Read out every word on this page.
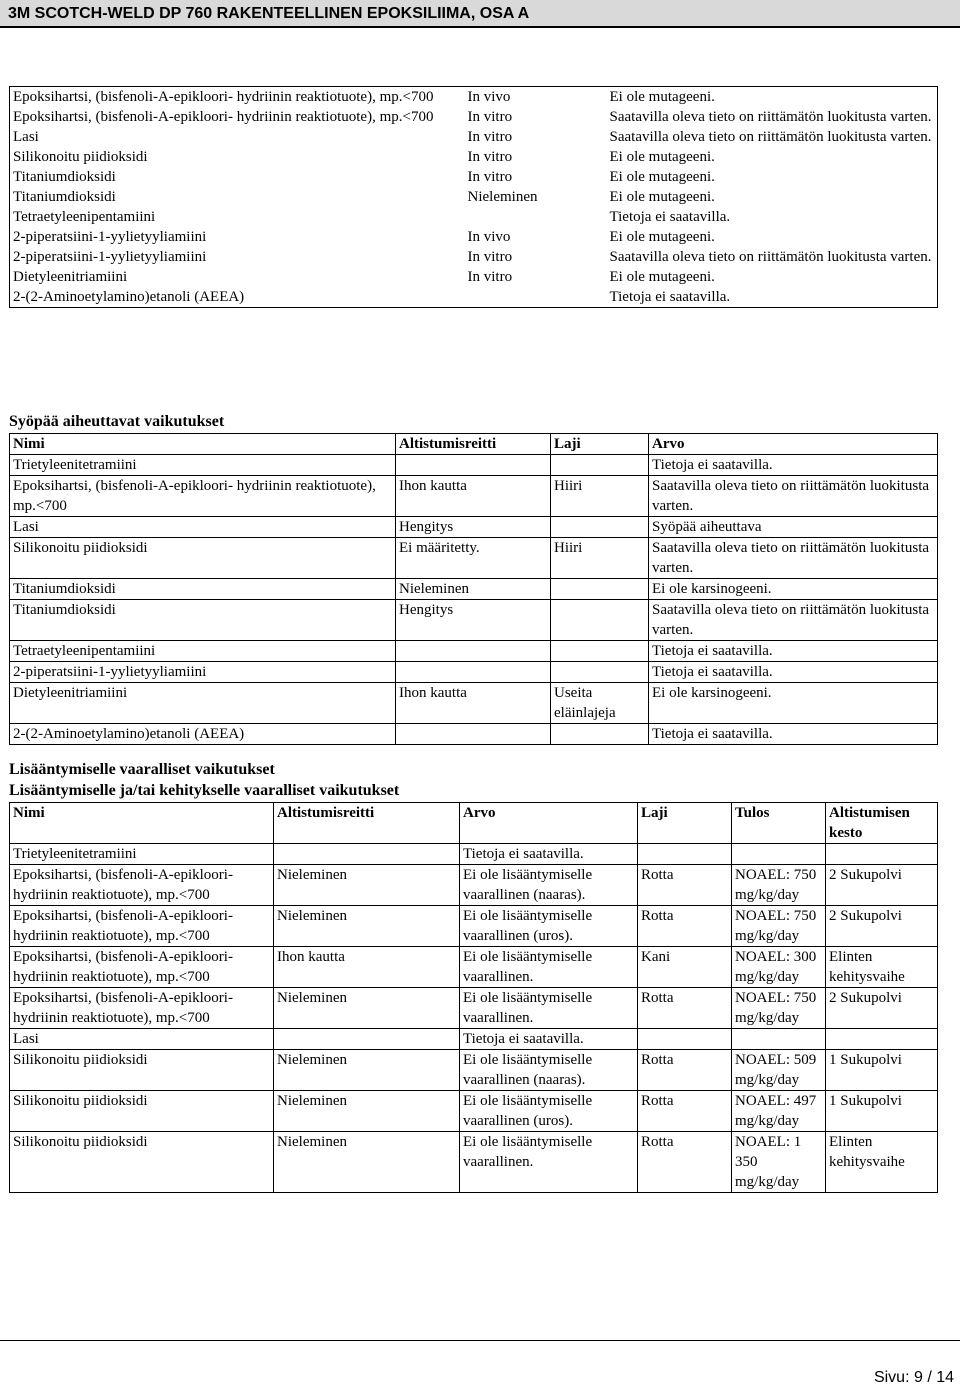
3M SCOTCH-WELD DP 760 RAKENTEELLINEN EPOKSILIIMA, OSA A
Epoksihartsi, (bisfenoli-A-epikloori- hydriinin reaktiotuote), mp.<700	In vivo	Ei ole mutageeni.
Epoksihartsi, (bisfenoli-A-epikloori- hydriinin reaktiotuote), mp.<700	In vitro	Saatavilla oleva tieto on riittämätön luokitusta varten.
Lasi	In vitro	Saatavilla oleva tieto on riittämätön luokitusta varten.
Silikonoitu piidioksidi	In vitro	Ei ole mutageeni.
Titaniumdioksidi	In vitro	Ei ole mutageeni.
Titaniumdioksidi	Nieleminen	Ei ole mutageeni.
Tetraetyleenipentamiini		Tietoja ei saatavilla.
2-piperatsiini-1-yylietyyliamiini	In vivo	Ei ole mutageeni.
2-piperatsiini-1-yylietyyliamiini	In vitro	Saatavilla oleva tieto on riittämätön luokitusta varten.
Dietyleenitriamiini	In vitro	Ei ole mutageeni.
2-(2-Aminoetylamino)etanoli (AEEA)		Tietoja ei saatavilla.
Syöpää aiheuttavat vaikutukset
Nimi	Altistumisreitti	Laji	Arvo
Trietyleenitetramiini			Tietoja ei saatavilla.
Epoksihartsi, (bisfenoli-A-epikloori- hydriinin reaktiotuote), mp.<700	Ihon kautta	Hiiri	Saatavilla oleva tieto on riittämätön luokitusta varten.
Lasi	Hengitys		Syöpää aiheuttava
Silikonoitu piidioksidi	Ei määritetty.	Hiiri	Saatavilla oleva tieto on riittämätön luokitusta varten.
Titaniumdioksidi	Nieleminen		Ei ole karsinogeeni.
Titaniumdioksidi	Hengitys		Saatavilla oleva tieto on riittämätön luokitusta varten.
Tetraetyleenipentamiini			Tietoja ei saatavilla.
2-piperatsiini-1-yylietyyliamiini			Tietoja ei saatavilla.
Dietyleenitriamiini	Ihon kautta	Useita eläinlajeja	Ei ole karsinogeeni.
2-(2-Aminoetylamino)etanoli (AEEA)			Tietoja ei saatavilla.
Lisääntymiselle vaaralliset vaikutukset
Lisääntymiselle ja/tai kehitykselle vaaralliset vaikutukset
Nimi	Altistumisreitti	Arvo	Laji	Tulos	Altistumisen kesto
Trietyleenitetramiini		Tietoja ei saatavilla.			
Epoksihartsi, (bisfenoli-A-epikloori- hydriinin reaktiotuote), mp.<700	Nieleminen	Ei ole lisääntymiselle vaarallinen (naaras).	Rotta	NOAEL: 750 mg/kg/day	2 Sukupolvi
Epoksihartsi, (bisfenoli-A-epikloori- hydriinin reaktiotuote), mp.<700	Nieleminen	Ei ole lisääntymiselle vaarallinen (uros).	Rotta	NOAEL: 750 mg/kg/day	2 Sukupolvi
Epoksihartsi, (bisfenoli-A-epikloori- hydriinin reaktiotuote), mp.<700	Ihon kautta	Ei ole lisääntymiselle vaarallinen.	Kani	NOAEL: 300 mg/kg/day	Elinten kehitysvaihe
Epoksihartsi, (bisfenoli-A-epikloori- hydriinin reaktiotuote), mp.<700	Nieleminen	Ei ole lisääntymiselle vaarallinen.	Rotta	NOAEL: 750 mg/kg/day	2 Sukupolvi
Lasi		Tietoja ei saatavilla.			
Silikonoitu piidioksidi	Nieleminen	Ei ole lisääntymiselle vaarallinen (naaras).	Rotta	NOAEL: 509 mg/kg/day	1 Sukupolvi
Silikonoitu piidioksidi	Nieleminen	Ei ole lisääntymiselle vaarallinen (uros).	Rotta	NOAEL: 497 mg/kg/day	1 Sukupolvi
Silikonoitu piidioksidi	Nieleminen	Ei ole lisääntymiselle vaarallinen.	Rotta	NOAEL: 1 350 mg/kg/day	Elinten kehitysvaihe
Sivu: 9 / 14
